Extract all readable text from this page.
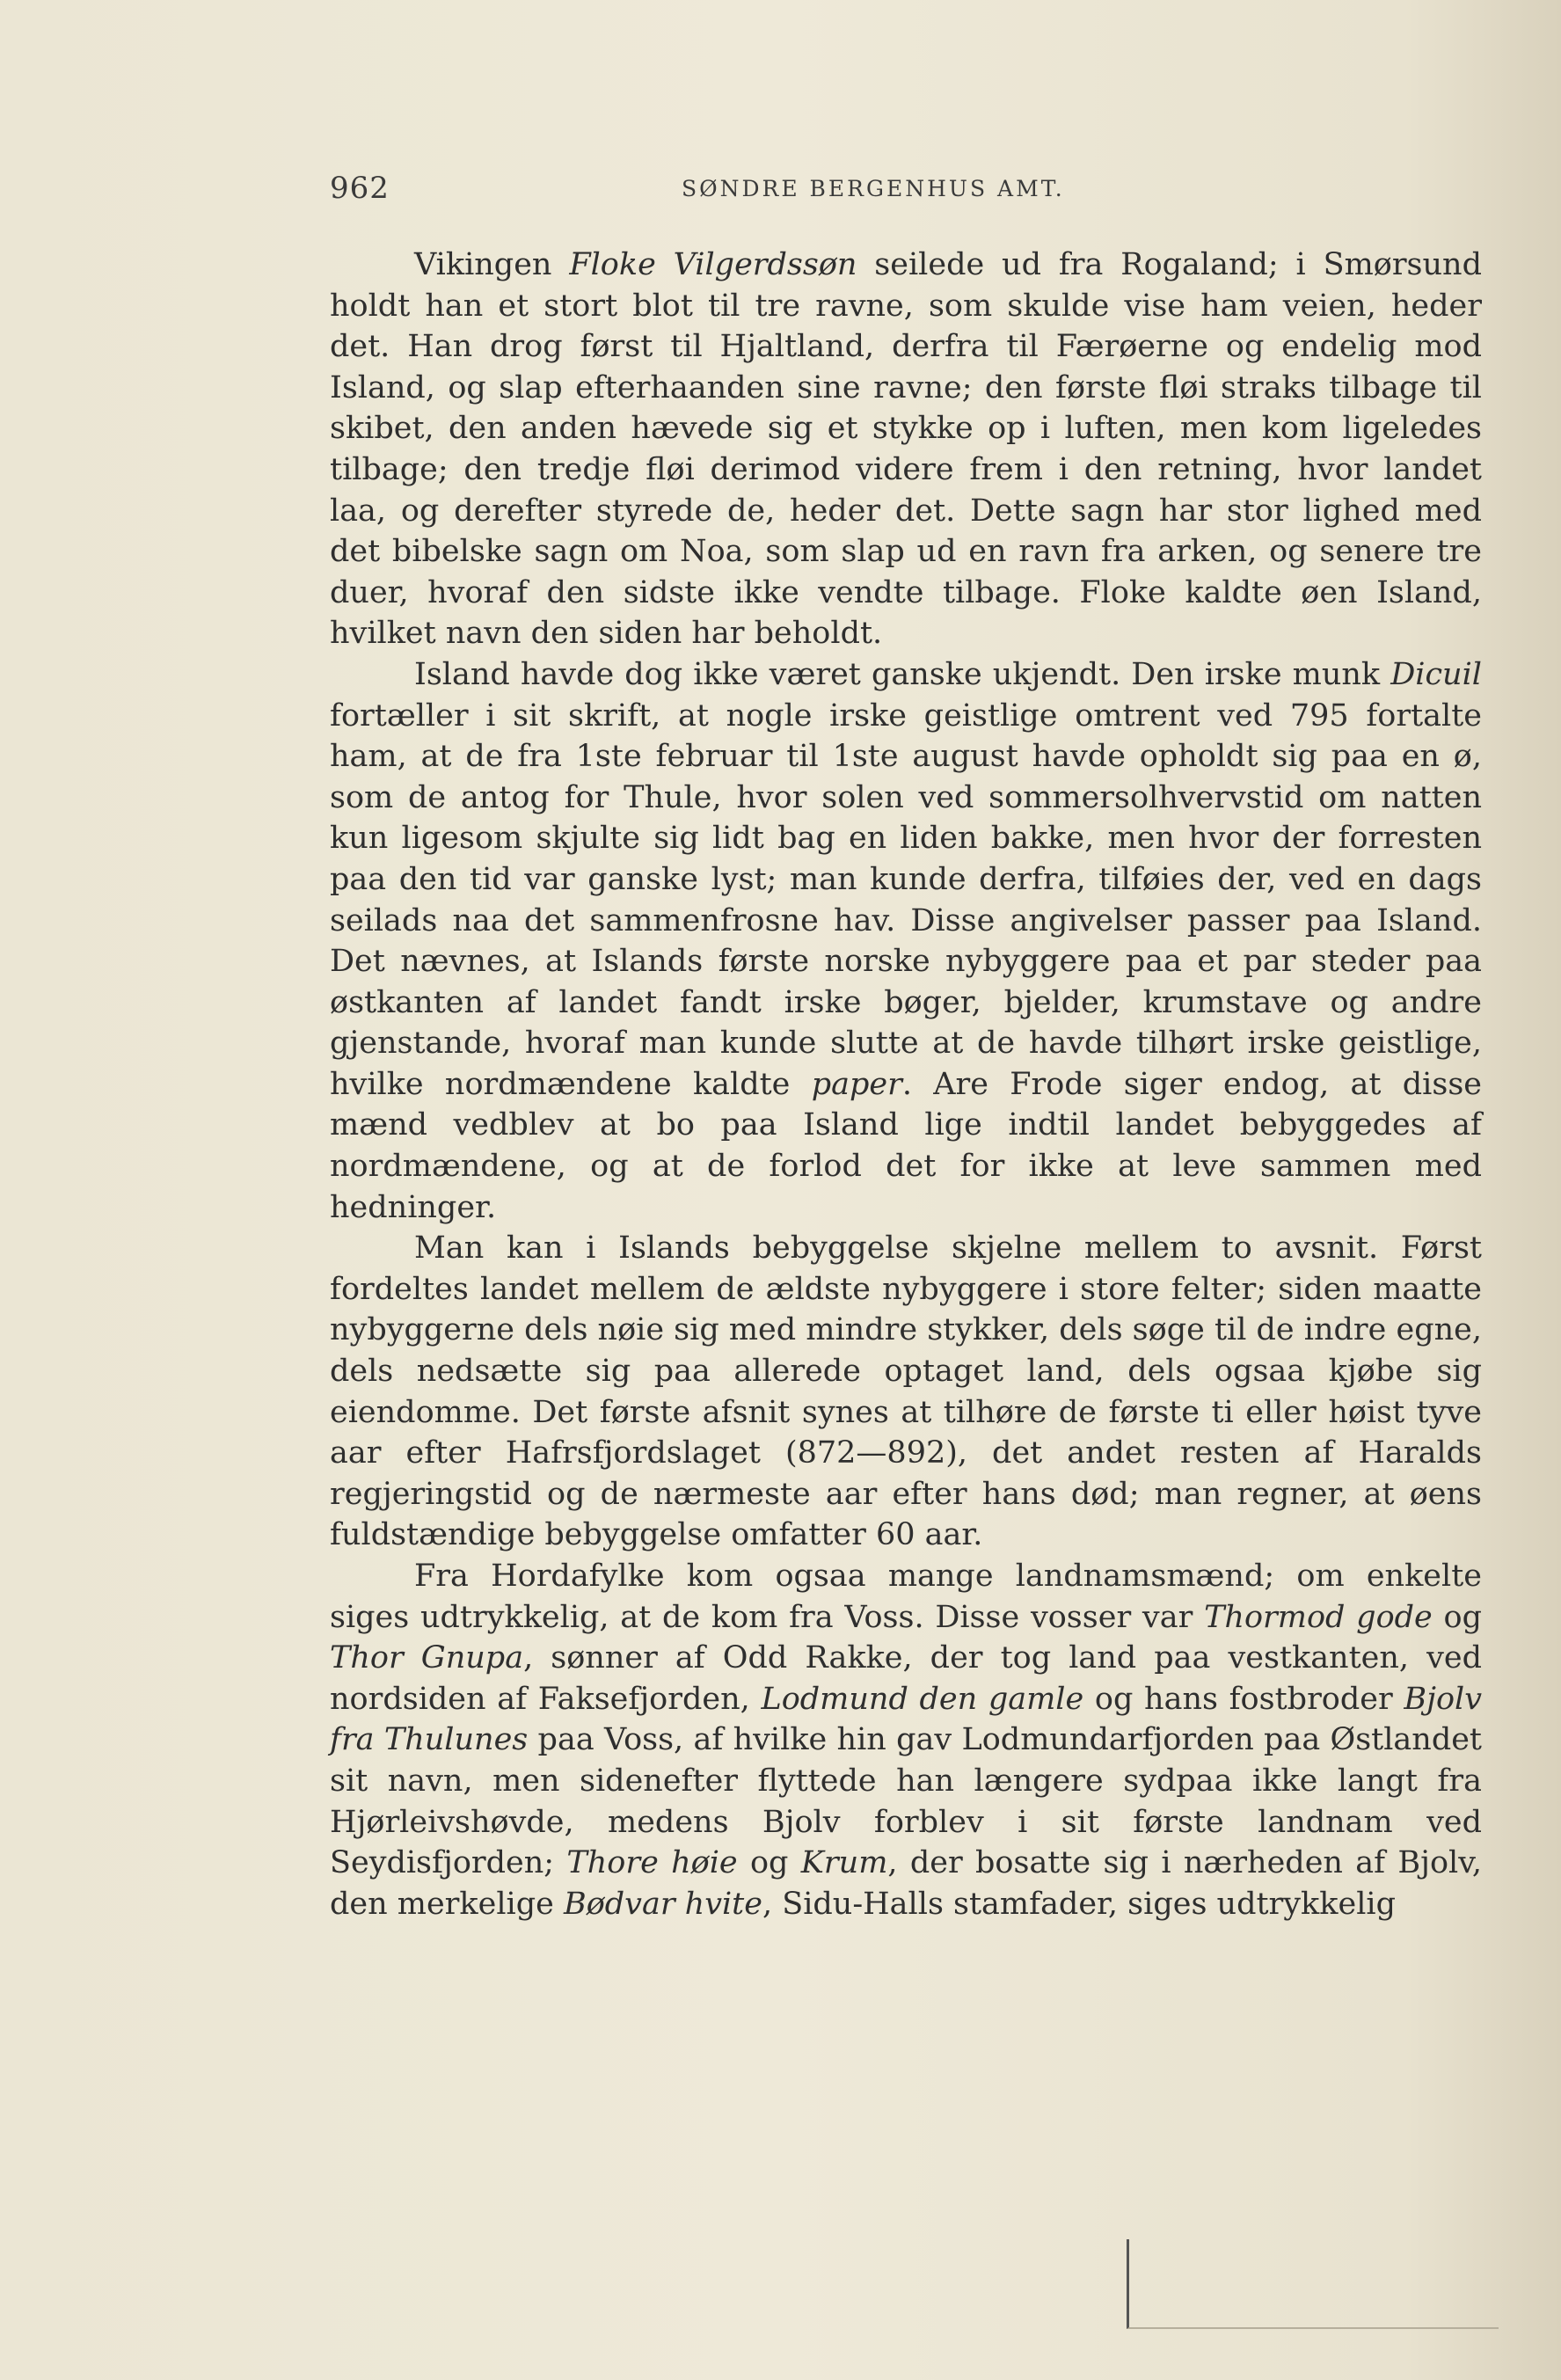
962	SØNDRE BERGENHUS AMT.

Vikingen Floke Vilgerdssøn seilede ud fra Rogaland; i Smørsund holdt han et stort blot til tre ravne, som skulde vise ham veien, heder det. Han drog først til Hjaltland, derfra til Færøerne og endelig mod Island, og slap efterhaanden sine ravne; den første fløi straks tilbage til skibet, den anden hævede sig et stykke op i luften, men kom ligeledes tilbage; den tredje fløi derimod videre frem i den retning, hvor landet laa, og derefter styrede de, heder det. Dette sagn har stor lighed med det bibelske sagn om Noa, som slap ud en ravn fra arken, og senere tre duer, hvoraf den sidste ikke vendte tilbage. Floke kaldte øen Island, hvilket navn den siden har beholdt.

Island havde dog ikke været ganske ukjendt. Den irske munk Dicuil fortæller i sit skrift, at nogle irske geistlige omtrent ved 795 fortalte ham, at de fra 1ste februar til 1ste august havde opholdt sig paa en ø, som de antog for Thule, hvor solen ved sommersolhvervstid om natten kun ligesom skjulte sig lidt bag en liden bakke, men hvor der forresten paa den tid var ganske lyst; man kunde derfra, tilføies der, ved en dags seilads naa det sammenfrosne hav. Disse angivelser passer paa Island. Det nævnes, at Islands første norske nybyggere paa et par steder paa østkanten af landet fandt irske bøger, bjelder, krumstave og andre gjenstande, hvoraf man kunde slutte at de havde tilhørt irske geistlige, hvilke nordmændene kaldte paper. Are Frode siger endog, at disse mænd vedblev at bo paa Island lige indtil landet bebyggedes af nordmændene, og at de forlod det for ikke at leve sammen med hedninger.

Man kan i Islands bebyggelse skjelne mellem to avsnit. Først fordeltes landet mellem de ældste nybyggere i store felter; siden maatte nybyggerne dels nøie sig med mindre stykker, dels søge til de indre egne, dels nedsætte sig paa allerede optaget land, dels ogsaa kjøbe sig eiendomme. Det første afsnit synes at tilhøre de første ti eller høist tyve aar efter Hafrsfjordslaget (872—892), det andet resten af Haralds regjeringstid og de nærmeste aar efter hans død; man regner, at øens fuldstændige bebyggelse omfatter 60 aar.

Fra Hordafylke kom ogsaa mange landnamsmænd; om enkelte siges udtrykkelig, at de kom fra Voss. Disse vosser var Thormod gode og Thor Gnupa, sønner af Odd Rakke, der tog land paa vestkanten, ved nordsiden af Faksefjorden, Lodmund den gamle og hans fostbroder Bjolv fra Thulunes paa Voss, af hvilke hin gav Lodmundarfjorden paa Østlandet sit navn, men sidenefter flyttede han længere sydpaa ikke langt fra Hjørleivshøvde, medens Bjolv forblev i sit første landnam ved Seydisfjorden; Thore høie og Krum, der bosatte sig i nærheden af Bjolv, den merkelige Bødvar hvite, Sidu-Halls stamfader, siges udtrykkelig
